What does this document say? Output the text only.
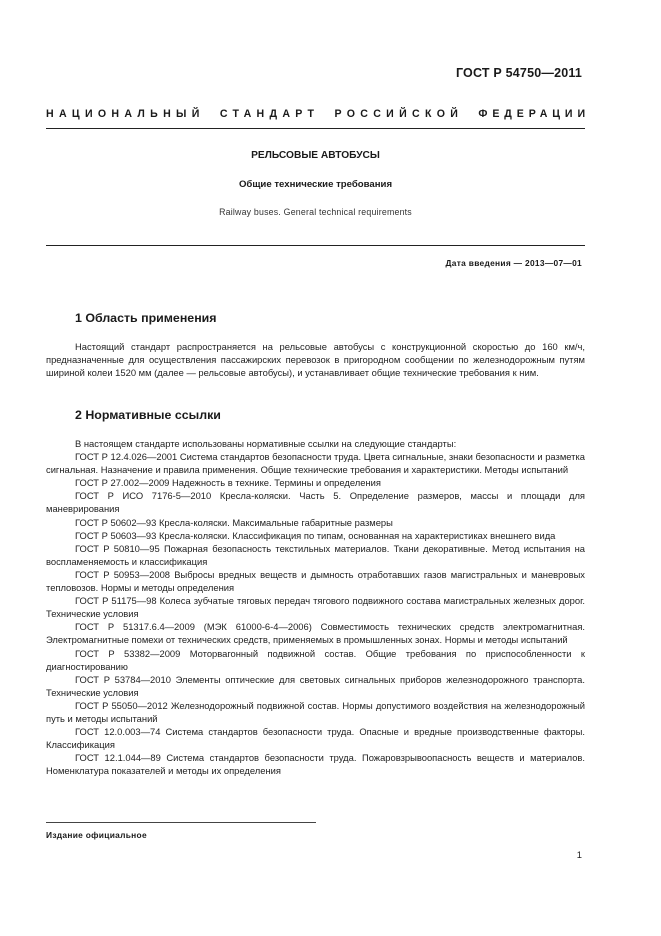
ГОСТ Р 54750—2011
НАЦИОНАЛЬНЫЙ СТАНДАРТ РОССИЙСКОЙ ФЕДЕРАЦИИ
РЕЛЬСОВЫЕ АВТОБУСЫ
Общие технические требования
Railway buses. General technical requirements
Дата введения — 2013—07—01
1 Область применения

Настоящий стандарт распространяется на рельсовые автобусы с конструкционной скоростью до 160 км/ч, предназначенные для осуществления пассажирских перевозок в пригородном сообщении по железнодорожным путям шириной колеи 1520 мм (далее — рельсовые автобусы), и устанавливает общие технические требования к ним.

2 Нормативные ссылки
В настоящем стандарте использованы нормативные ссылки на следующие стандарты:
ГОСТ Р 12.4.026—2001 Система стандартов безопасности труда. Цвета сигнальные, знаки безопасности и разметка сигнальная. Назначение и правила применения. Общие технические требования и характеристики. Методы испытаний
ГОСТ Р 27.002—2009 Надежность в технике. Термины и определения
ГОСТ Р ИСО 7176-5—2010 Кресла-коляски. Часть 5. Определение размеров, массы и площади для маневрирования
ГОСТ Р 50602—93 Кресла-коляски. Максимальные габаритные размеры
ГОСТ Р 50603—93 Кресла-коляски. Классификация по типам, основанная на характеристиках внешнего вида
ГОСТ Р 50810—95 Пожарная безопасность текстильных материалов. Ткани декоративные. Метод испытания на воспламеняемость и классификация
ГОСТ Р 50953—2008 Выбросы вредных веществ и дымность отработавших газов магистральных и маневровых тепловозов. Нормы и методы определения
ГОСТ Р 51175—98 Колеса зубчатые тяговых передач тягового подвижного состава магистральных железных дорог. Технические условия
ГОСТ Р 51317.6.4—2009 (МЭК 61000-6-4—2006) Совместимость технических средств электромагнитная. Электромагнитные помехи от технических средств, применяемых в промышленных зонах. Нормы и методы испытаний
ГОСТ Р 53382—2009 Моторвагонный подвижной состав. Общие требования по приспособленности к диагностированию
ГОСТ Р 53784—2010 Элементы оптические для световых сигнальных приборов железнодорожного транспорта. Технические условия
ГОСТ Р 55050—2012 Железнодорожный подвижной состав. Нормы допустимого воздействия на железнодорожный путь и методы испытаний
ГОСТ 12.0.003—74 Система стандартов безопасности труда. Опасные и вредные производственные факторы. Классификация
ГОСТ 12.1.044—89 Система стандартов безопасности труда. Пожаровзрывоопасность веществ и материалов. Номенклатура показателей и методы их определения
Издание официальное
1
